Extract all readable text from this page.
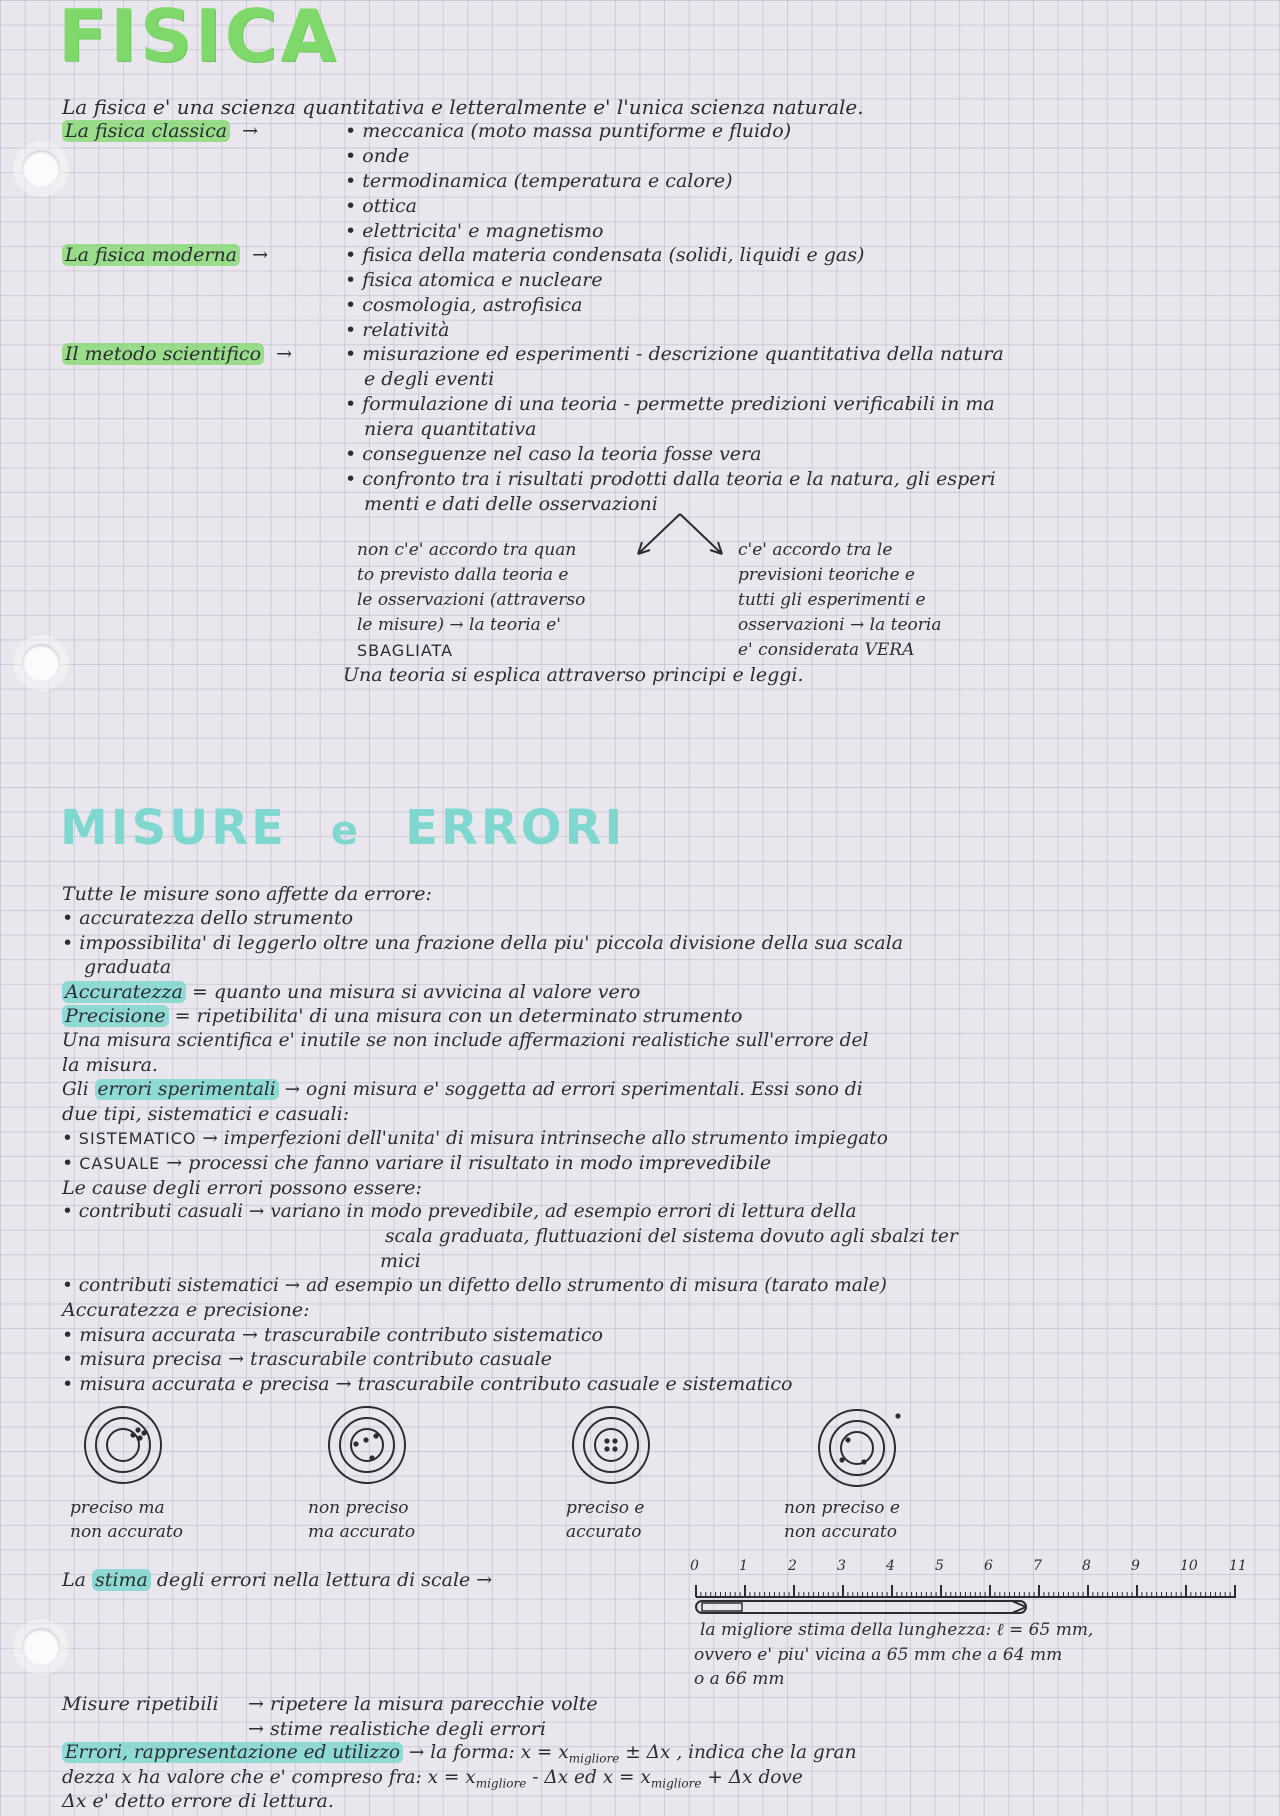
FISICA
La fisica e' una scienza quantitativa e letteralmente e' l'unica scienza naturale.
La fisica classica  →	• meccanica (moto massa puntiforme e fluido)
• onde
• termodinamica (temperatura e calore)
• ottica
• elettricita' e magnetismo
La fisica moderna  →	• fisica della materia condensata (solidi, liquidi e gas)
• fisica atomica e nucleare
• cosmologia, astrofisica
• relatività
Il metodo scientifico  →	• misurazione ed esperimenti - descrizione quantitativa della natura
e degli eventi
• formulazione di una teoria - permette predizioni verificabili in ma
niera quantitativa
• conseguenze nel caso la teoria fosse vera
• confronto tra i risultati prodotti dalla teoria e la natura, gli esperi
menti e dati delle osservazioni
non c'e' accordo tra quan
to previsto dalla teoria e
le osservazioni (attraverso
le misure) → la teoria e'
SBAGLIATA
c'e' accordo tra le
previsioni teoriche e
tutti gli esperimenti e
osservazioni → la teoria
e' considerata VERA
Una teoria si esplica attraverso principi e leggi.
MISURE e ERRORI
Tutte le misure sono affette da errore:
• accuratezza dello strumento
• impossibilita' di leggerlo oltre una frazione della piu' piccola divisione della sua scala
graduata
Accuratezza = quanto una misura si avvicina al valore vero
Precisione = ripetibilita' di una misura con un determinato strumento
Una misura scientifica e' inutile se non include affermazioni realistiche sull'errore del
la misura.
Gli errori sperimentali → ogni misura e' soggetta ad errori sperimentali. Essi sono di
due tipi, sistematici e casuali:
• SISTEMATICO → imperfezioni dell'unita' di misura intrinseche allo strumento impiegato
• CASUALE → processi che fanno variare il risultato in modo imprevedibile
Le cause degli errori possono essere:
• contributi casuali → variano in modo prevedibile, ad esempio errori di lettura della
scala graduata, fluttuazioni del sistema dovuto agli sbalzi ter
mici
• contributi sistematici → ad esempio un difetto dello strumento di misura (tarato male)
Accuratezza e precisione:
• misura accurata → trascurabile contributo sistematico
• misura precisa → trascurabile contributo casuale
• misura accurata e precisa → trascurabile contributo casuale e sistematico
preciso ma
non accurato
non preciso
ma accurato
preciso e
accurato
non preciso e
non accurato
La stima degli errori nella lettura di scale →
0	1	2	3	4	5	6	7	8	9	10 11
la migliore stima della lunghezza: ℓ = 65 mm,
ovvero e' piu' vicina a 65 mm che a 64 mm
o a 66 mm
Misure ripetibili → ripetere la misura parecchie volte
→ stime realistiche degli errori
Errori, rappresentazione ed utilizzo → la forma: $x = x_{migliore} \pm \Delta x$ , indica che la gran
dezza x ha valore che e' compreso fra: $x = x_{migliore} - \Delta x$ ed $x = x_{migliore} + \Delta x$ dove
Δx e' detto errore di lettura.
